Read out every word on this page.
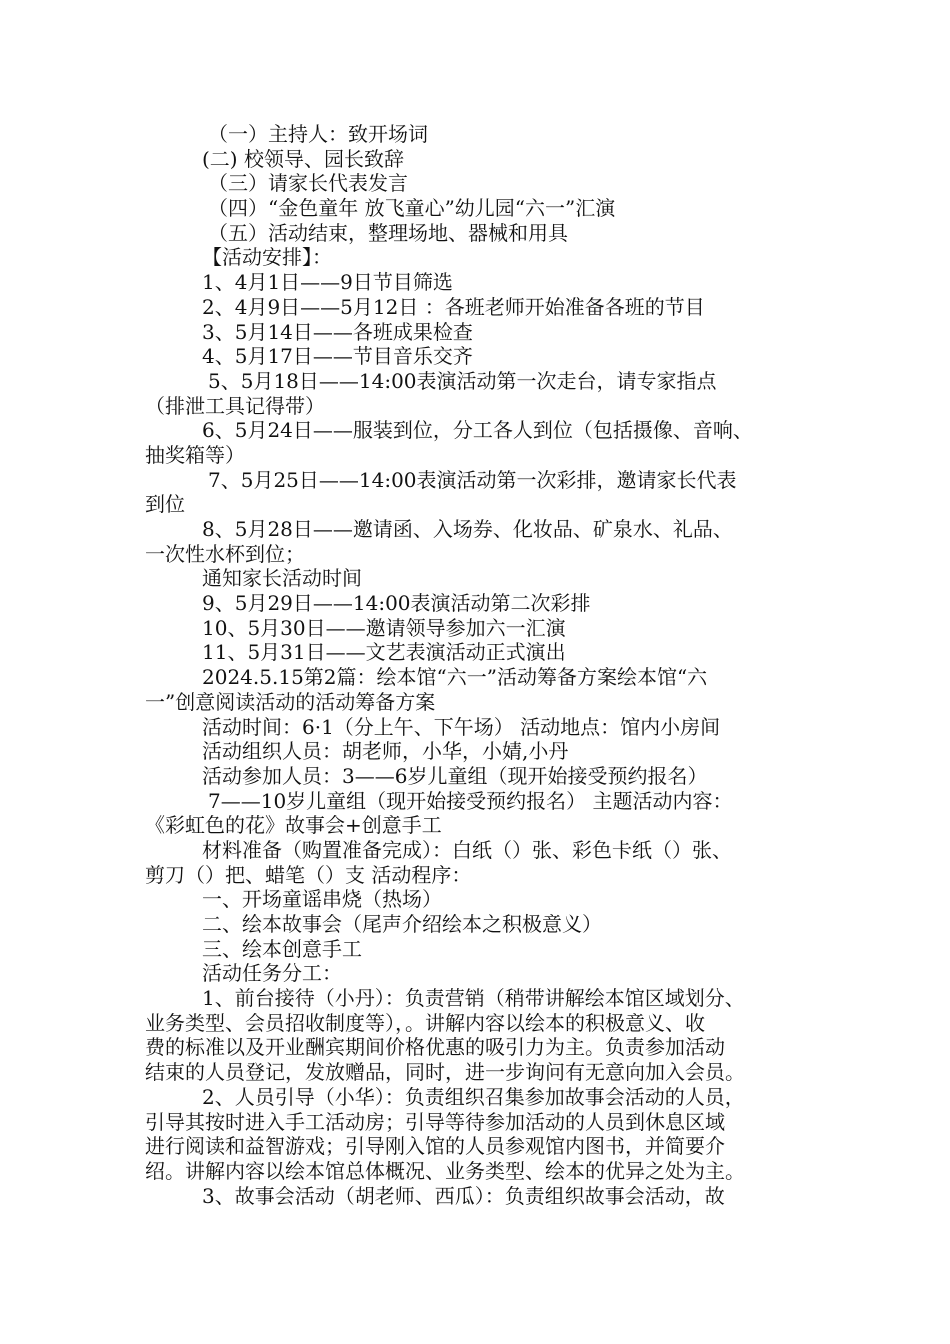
（一）主持人：致开场词
(二) 校领导、园长致辞
（三）请家长代表发言
（四）“金色童年 放飞童心”幼儿园“六一”汇演
（五）活动结束，整理场地、器械和用具
【活动安排】：
1、4月1日——9日节目筛选
2、4月9日——5月12日 ：各班老师开始准备各班的节目
3、5月14日——各班成果检查
4、5月17日——节目音乐交齐
5、5月18日——14:00表演活动第一次走台，请专家指点
（排泄工具记得带）
6、5月24日——服装到位，分工各人到位（包括摄像、音响、
抽奖箱等）
7、5月25日——14:00表演活动第一次彩排，邀请家长代表
到位
8、5月28日——邀请函、入场券、化妆品、矿泉水、礼品、
一次性水杯到位；
通知家长活动时间
9、5月29日——14:00表演活动第二次彩排
10、5月30日——邀请领导参加六一汇演
11、5月31日——文艺表演活动正式演出
2024.5.15第2篇：绘本馆“六一”活动筹备方案绘本馆“六
一”创意阅读活动的活动筹备方案
活动时间：6·1（分上午、下午场） 活动地点：馆内小房间
活动组织人员：胡老师，小华，小婧,小丹
活动参加人员：3——6岁儿童组（现开始接受预约报名）
7——10岁儿童组（现开始接受预约报名） 主题活动内容：
《彩虹色的花》故事会+创意手工
材料准备（购置准备完成）：白纸（）张、彩色卡纸（）张、
剪刀（）把、蜡笔（）支 活动程序：
一、开场童谣串烧（热场）
二、绘本故事会（尾声介绍绘本之积极意义）
三、绘本创意手工
活动任务分工：
1、前台接待（小丹）：负责营销（稍带讲解绘本馆区域划分、
业务类型、会员招收制度等），。讲解内容以绘本的积极意义、收
费的标准以及开业酬宾期间价格优惠的吸引力为主。负责参加活动
结束的人员登记，发放赠品，同时，进一步询问有无意向加入会员。
2、人员引导（小华）：负责组织召集参加故事会活动的人员，
引导其按时进入手工活动房；引导等待参加活动的人员到休息区域
进行阅读和益智游戏；引导刚入馆的人员参观馆内图书，并简要介
绍。讲解内容以绘本馆总体概况、业务类型、绘本的优异之处为主。
3、故事会活动（胡老师、西瓜）：负责组织故事会活动，故
